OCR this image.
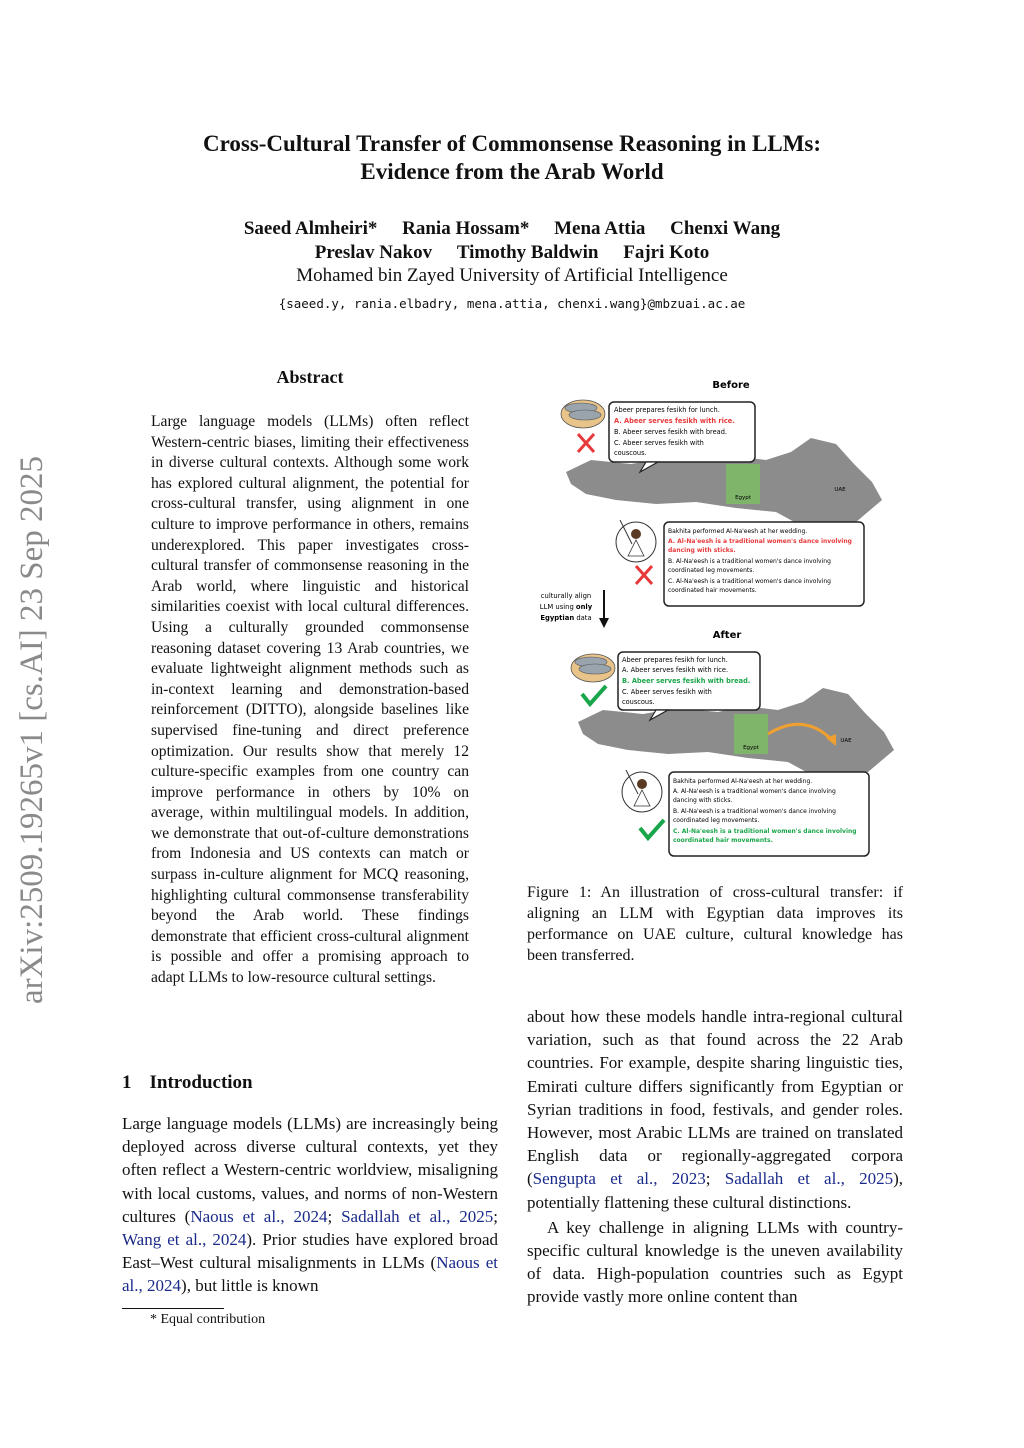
Cross-Cultural Transfer of Commonsense Reasoning in LLMs:
Evidence from the Arab World
Saeed Almheiri* Rania Hossam* Mena Attia Chenxi Wang
Preslav Nakov Timothy Baldwin Fajri Koto
Mohamed bin Zayed University of Artificial Intelligence
{saeed.y, rania.elbadry, mena.attia, chenxi.wang}@mbzuai.ac.ae
arXiv:2509.19265v1 [cs.AI] 23 Sep 2025
Abstract
Large language models (LLMs) often reflect Western-centric biases, limiting their effectiveness in diverse cultural contexts. Although some work has explored cultural alignment, the potential for cross-cultural transfer, using alignment in one culture to improve performance in others, remains underexplored. This paper investigates cross-cultural transfer of commonsense reasoning in the Arab world, where linguistic and historical similarities coexist with local cultural differences. Using a culturally grounded commonsense reasoning dataset covering 13 Arab countries, we evaluate lightweight alignment methods such as in-context learning and demonstration-based reinforcement (DITTO), alongside baselines like supervised fine-tuning and direct preference optimization. Our results show that merely 12 culture-specific examples from one country can improve performance in others by 10% on average, within multilingual models. In addition, we demonstrate that out-of-culture demonstrations from Indonesia and US contexts can match or surpass in-culture alignment for MCQ reasoning, highlighting cultural commonsense transferability beyond the Arab world. These findings demonstrate that efficient cross-cultural alignment is possible and offer a promising approach to adapt LLMs to low-resource cultural settings.
1 Introduction
Large language models (LLMs) are increasingly being deployed across diverse cultural contexts, yet they often reflect a Western-centric worldview, misaligning with local customs, values, and norms of non-Western cultures (Naous et al., 2024; Sadallah et al., 2025; Wang et al., 2024). Prior studies have explored broad East–West cultural misalignments in LLMs (Naous et al., 2024), but little is known
* Equal contribution

about how these models handle intra-regional cultural variation, such as that found across the 22 Arab countries. For example, despite sharing linguistic ties, Emirati culture differs significantly from Egyptian or Syrian traditions in food, festivals, and gender roles. However, most Arabic LLMs are trained on translated English data or regionally-aggregated corpora (Sengupta et al., 2023; Sadallah et al., 2025), potentially flattening these cultural distinctions.

A key challenge in aligning LLMs with country-specific cultural knowledge is the uneven availability of data. High-population countries such as Egypt provide vastly more online content than

Before
Egypt
UAE
Abeer prepares fesikh for lunch.
A. Abeer serves fesikh with rice.
B. Abeer serves fesikh with bread.
C. Abeer serves fesikh with
couscous.
Bakhita performed Al-Na'eesh at her wedding.
A. Al-Na'eesh is a traditional women's dance involving
dancing with sticks.
B. Al-Na'eesh is a traditional women's dance involving
coordinated leg movements.
C. Al-Na'eesh is a traditional women's dance involving
coordinated hair movements.
culturally align
LLM using only
Egyptian data
After
Egypt
UAE
Abeer prepares fesikh for lunch.
A. Abeer serves fesikh with rice.
B. Abeer serves fesikh with bread.
C. Abeer serves fesikh with
couscous.
Bakhita performed Al-Na'eesh at her wedding.
A. Al-Na'eesh is a traditional women's dance involving
dancing with sticks.
B. Al-Na'eesh is a traditional women's dance involving
coordinated leg movements.
C. Al-Na'eesh is a traditional women's dance involving
coordinated hair movements.
Figure 1: An illustration of cross-cultural transfer: if aligning an LLM with Egyptian data improves its performance on UAE culture, cultural knowledge has been transferred.
